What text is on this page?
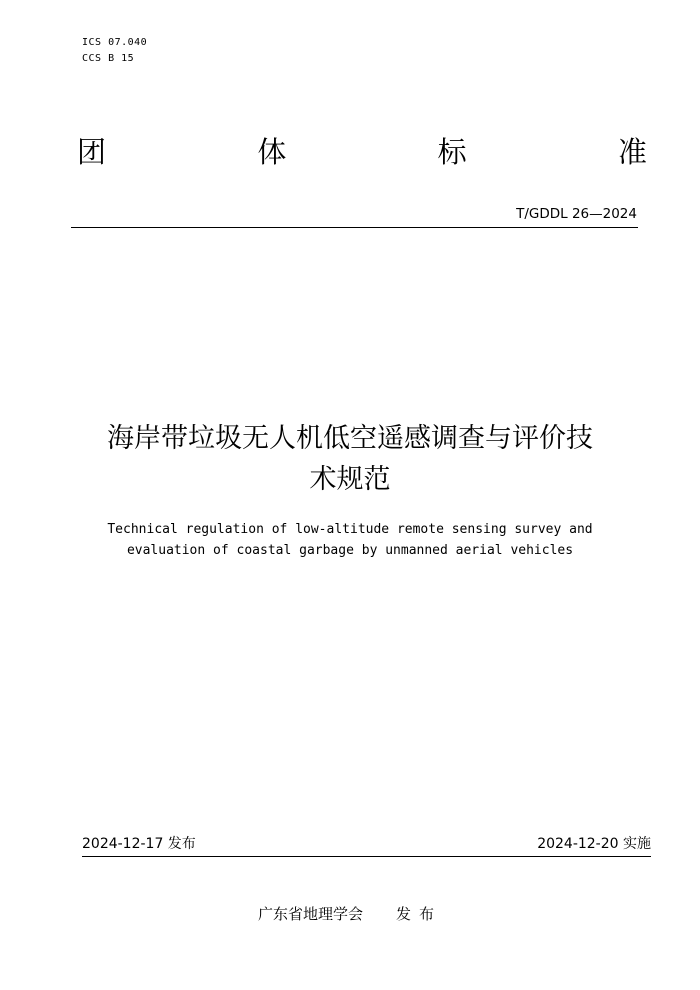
ICS 07.040
CCS B 15
团	体	标	准
T/GDDL 26—2024
海岸带垃圾无人机低空遥感调查与评价技
术规范
Technical regulation of low-altitude remote sensing survey and
evaluation of coastal garbage by unmanned aerial vehicles
2024-12-17 发布	2024-12-20 实施
广东省地理学会 发布
